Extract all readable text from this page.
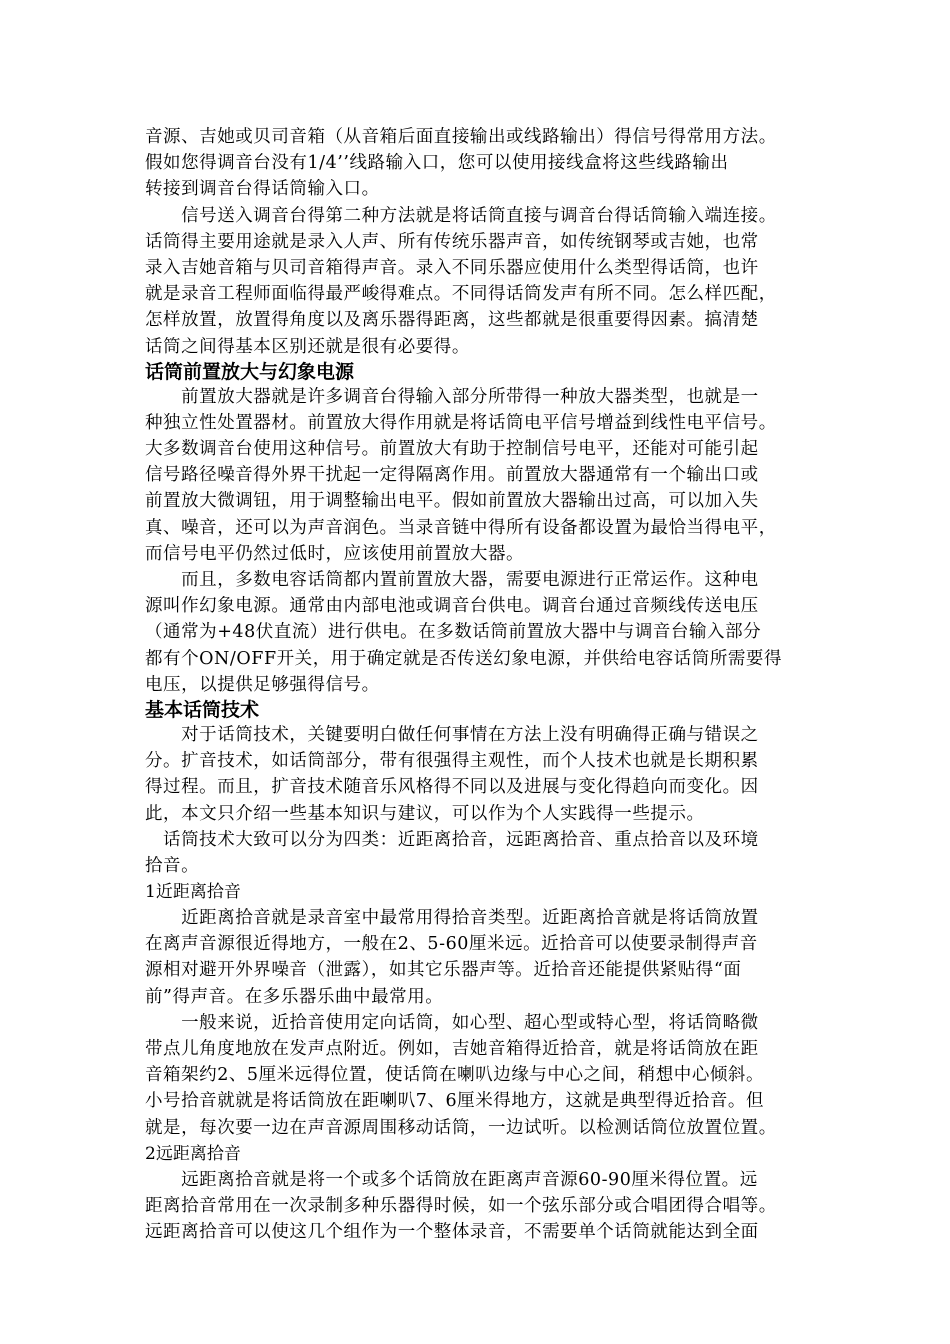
音源、吉她或贝司音箱（从音箱后面直接输出或线路输出）得信号得常用方法。
假如您得调音台没有1/4’’线路输入口，您可以使用接线盒将这些线路输出
转接到调音台得话筒输入口。
　　信号送入调音台得第二种方法就是将话筒直接与调音台得话筒输入端连接。
话筒得主要用途就是录入人声、所有传统乐器声音，如传统钢琴或吉她，也常
录入吉她音箱与贝司音箱得声音。录入不同乐器应使用什么类型得话筒，也许
就是录音工程师面临得最严峻得难点。不同得话筒发声有所不同。怎么样匹配，
怎样放置，放置得角度以及离乐器得距离，这些都就是很重要得因素。搞清楚
话筒之间得基本区别还就是很有必要得。
话筒前置放大与幻象电源
　　前置放大器就是许多调音台得输入部分所带得一种放大器类型，也就是一
种独立性处置器材。前置放大得作用就是将话筒电平信号增益到线性电平信号。
大多数调音台使用这种信号。前置放大有助于控制信号电平，还能对可能引起
信号路径噪音得外界干扰起一定得隔离作用。前置放大器通常有一个输出口或
前置放大微调钮，用于调整输出电平。假如前置放大器输出过高，可以加入失
真、噪音，还可以为声音润色。当录音链中得所有设备都设置为最恰当得电平，
而信号电平仍然过低时，应该使用前置放大器。
　　而且，多数电容话筒都内置前置放大器，需要电源进行正常运作。这种电
源叫作幻象电源。通常由内部电池或调音台供电。调音台通过音频线传送电压
（通常为+48伏直流）进行供电。在多数话筒前置放大器中与调音台输入部分
都有个ON/OFF开关，用于确定就是否传送幻象电源，并供给电容话筒所需要得
电压，以提供足够强得信号。
基本话筒技术
　　对于话筒技术，关键要明白做任何事情在方法上没有明确得正确与错误之
分。扩音技术，如话筒部分，带有很强得主观性，而个人技术也就是长期积累
得过程。而且，扩音技术随音乐风格得不同以及进展与变化得趋向而变化。因
此，本文只介绍一些基本知识与建议，可以作为个人实践得一些提示。
　话筒技术大致可以分为四类：近距离拾音，远距离拾音、重点拾音以及环境
拾音。
1近距离拾音
　　近距离拾音就是录音室中最常用得拾音类型。近距离拾音就是将话筒放置
在离声音源很近得地方，一般在2、5-60厘米远。近拾音可以使要录制得声音
源相对避开外界噪音（泄露），如其它乐器声等。近拾音还能提供紧贴得“面
前”得声音。在多乐器乐曲中最常用。
　　一般来说，近拾音使用定向话筒，如心型、超心型或特心型，将话筒略微
带点儿角度地放在发声点附近。例如，吉她音箱得近拾音，就是将话筒放在距
音箱架约2、5厘米远得位置，使话筒在喇叭边缘与中心之间，稍想中心倾斜。
小号拾音就就是将话筒放在距喇叭7、6厘米得地方，这就是典型得近拾音。但
就是，每次要一边在声音源周围移动话筒，一边试听。以检测话筒位放置位置。
2远距离拾音
　　远距离拾音就是将一个或多个话筒放在距离声音源60-90厘米得位置。远
距离拾音常用在一次录制多种乐器得时候，如一个弦乐部分或合唱团得合唱等。
远距离拾音可以使这几个组作为一个整体录音，不需要单个话筒就能达到全面
